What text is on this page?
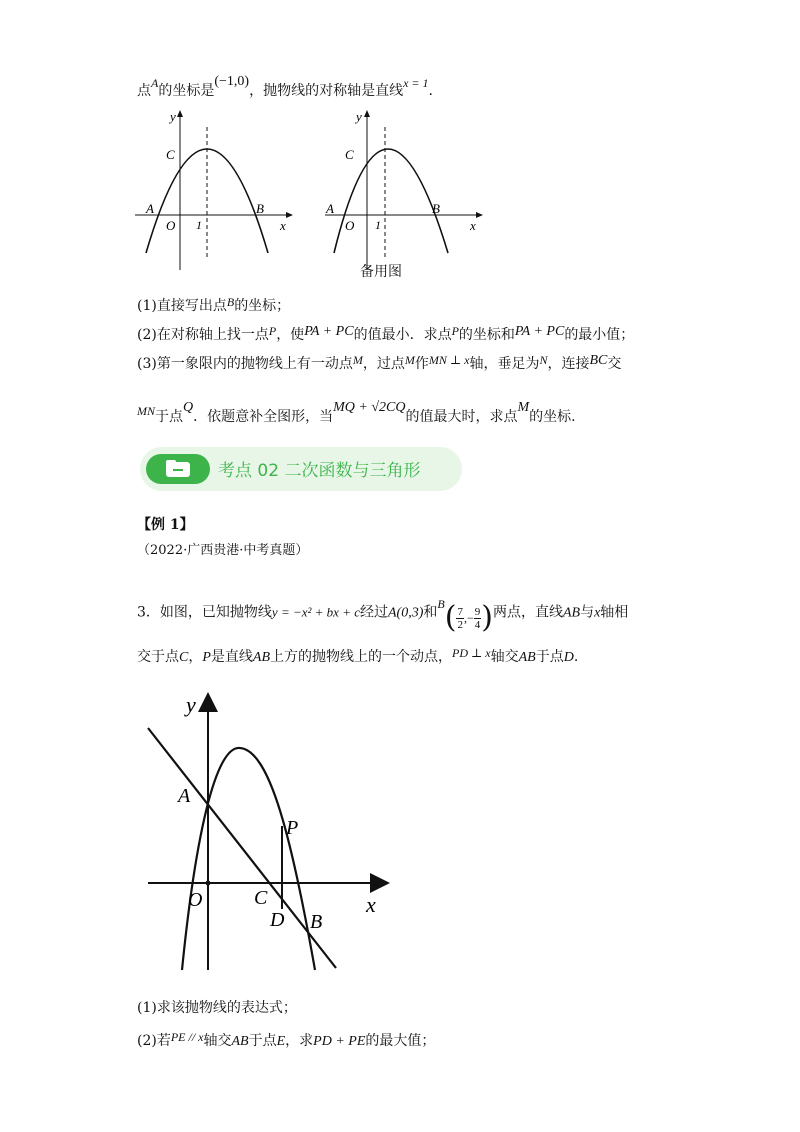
点A的坐标是(−1,0)，抛物线的对称轴是直线x = 1.
y
x
C
A
O 1
B
y
x
C
A
O 1
B
备用图
(1)直接写出点B的坐标；
(2)在对称轴上找一点P，使PA + PC的值最小．求点P的坐标和PA + PC的最小值；
(3)第一象限内的抛物线上有一动点M，过点M作MN ⊥ x轴，垂足为N，连接BC交
MN于点Q．依题意补全图形，当MQ + √2CQ的值最大时，求点M的坐标.
考点 02 二次函数与三角形
【例 1】
（2022·广西贵港·中考真题）
3．如图，已知抛物线y = −x² + bx + c经过A(0,3)和$B( \frac{7}{2}$ ,− $\frac{9}{4}$ )两点，直线AB与x轴相
交于点C，P是直线AB上方的抛物线上的一个动点，PD ⊥ x轴交AB于点D.
y
x
A
P
O	C
D B
(1)求该抛物线的表达式；
(2)若PE // x轴交AB于点E，求PD + PE的最大值；
